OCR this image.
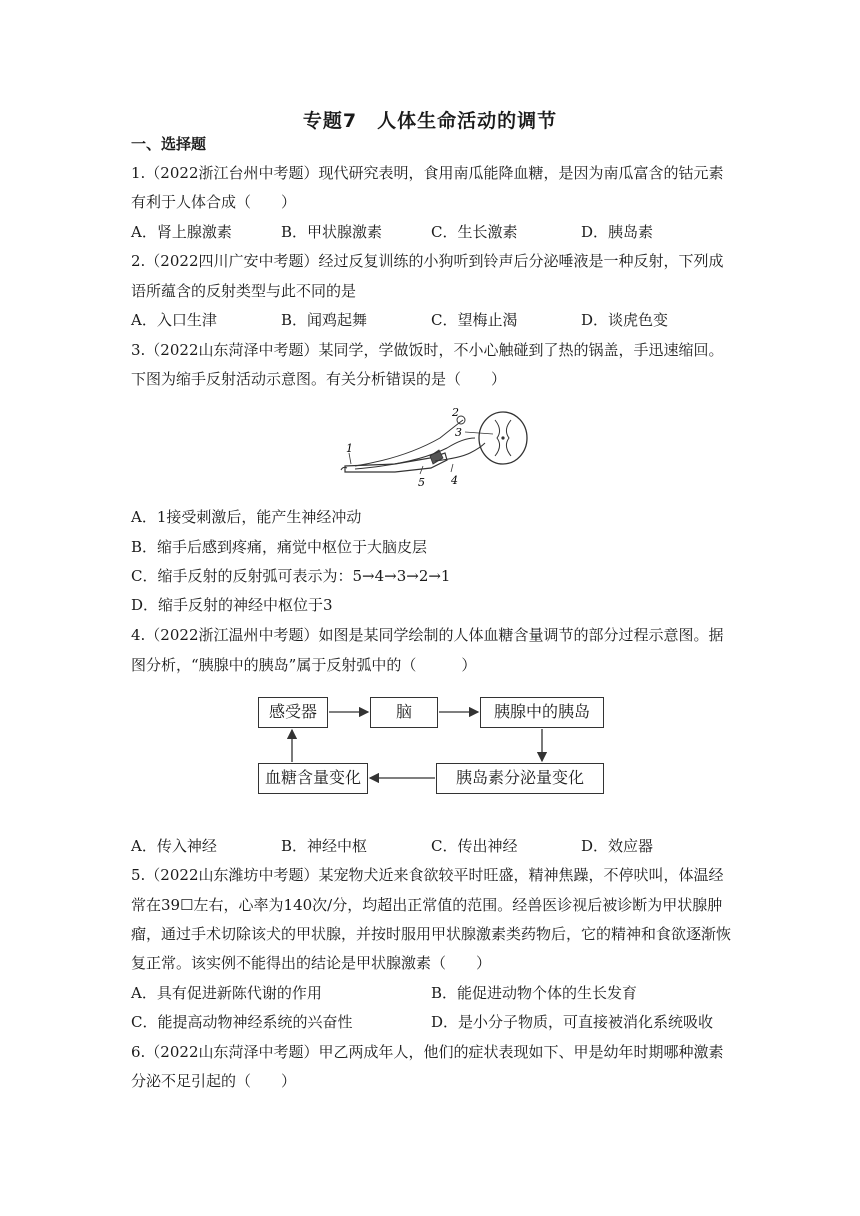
专题7　人体生命活动的调节
一、选择题
1.（2022浙江台州中考题）现代研究表明，食用南瓜能降血糖，是因为南瓜富含的钴元素
有利于人体合成（　　）
A．肾上腺激素	B．甲状腺激素	C．生长激素	D．胰岛素
2.（2022四川广安中考题）经过反复训练的小狗听到铃声后分泌唾液是一种反射，下列成
语所蕴含的反射类型与此不同的是
A．入口生津	B．闻鸡起舞	C．望梅止渴	D．谈虎色变
3.（2022山东菏泽中考题）某同学，学做饭时，不小心触碰到了热的锅盖，手迅速缩回。
下图为缩手反射活动示意图。有关分析错误的是（　　）
1
2
3
4
5
A．1接受刺激后，能产生神经冲动
B．缩手后感到疼痛，痛觉中枢位于大脑皮层
C．缩手反射的反射弧可表示为：5→4→3→2→1
D．缩手反射的神经中枢位于3
4.（2022浙江温州中考题）如图是某同学绘制的人体血糖含量调节的部分过程示意图。据
图分析，“胰腺中的胰岛”属于反射弧中的（　　　）
感受器	脑	胰腺中的胰岛
胰岛素分泌量变化
血糖含量变化
A．传入神经	B．神经中枢	C．传出神经	D．效应器
5.（2022山东潍坊中考题）某宠物犬近来食欲较平时旺盛，精神焦躁，不停吠叫，体温经
常在39☐左右，心率为140次/分，均超出正常值的范围。经兽医诊视后被诊断为甲状腺肿
瘤，通过手术切除该犬的甲状腺，并按时服用甲状腺激素类药物后，它的精神和食欲逐渐恢
复正常。该实例不能得出的结论是甲状腺激素（　　）
A．具有促进新陈代谢的作用	B．能促进动物个体的生长发育
C．能提高动物神经系统的兴奋性	D．是小分子物质，可直接被消化系统吸收
6.（2022山东菏泽中考题）甲乙两成年人，他们的症状表现如下、甲是幼年时期哪种激素
分泌不足引起的（　　）
